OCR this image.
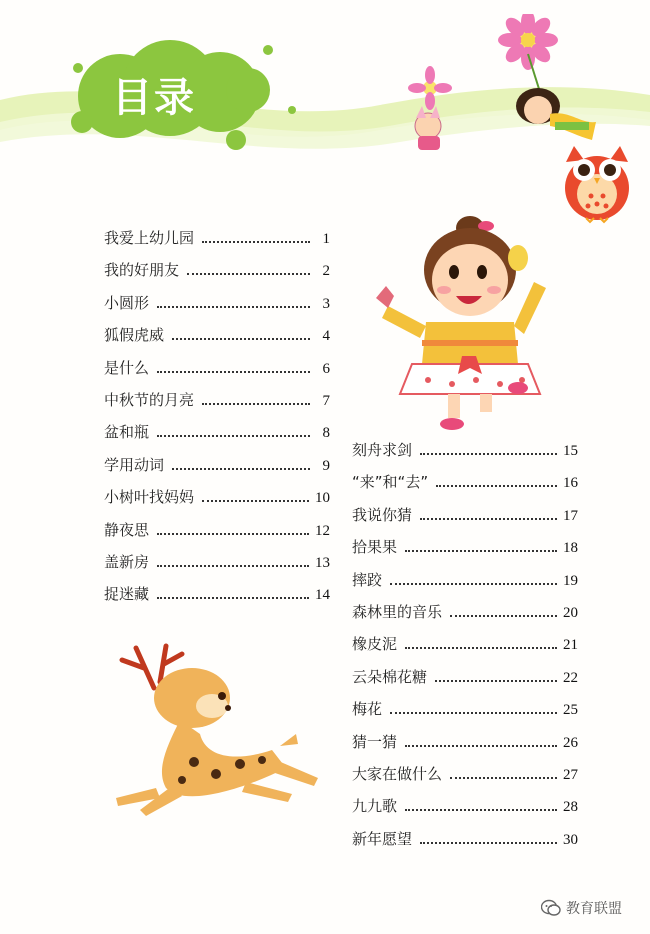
目录
我爱上幼儿园	1
我的好朋友	2
小圆形	3
狐假虎威	4
是什么	6
中秋节的月亮	7
盆和瓶	8
学用动词	9
小树叶找妈妈	10
静夜思	12
盖新房	13
捉迷藏	14
刻舟求剑	15
“来”和“去”	16
我说你猜	17
拾果果	18
摔跤	19
森林里的音乐	20
橡皮泥	21
云朵棉花糖	22
梅花	25
猜一猜	26
大家在做什么	27
九九歌	28
新年愿望	30
教育联盟
